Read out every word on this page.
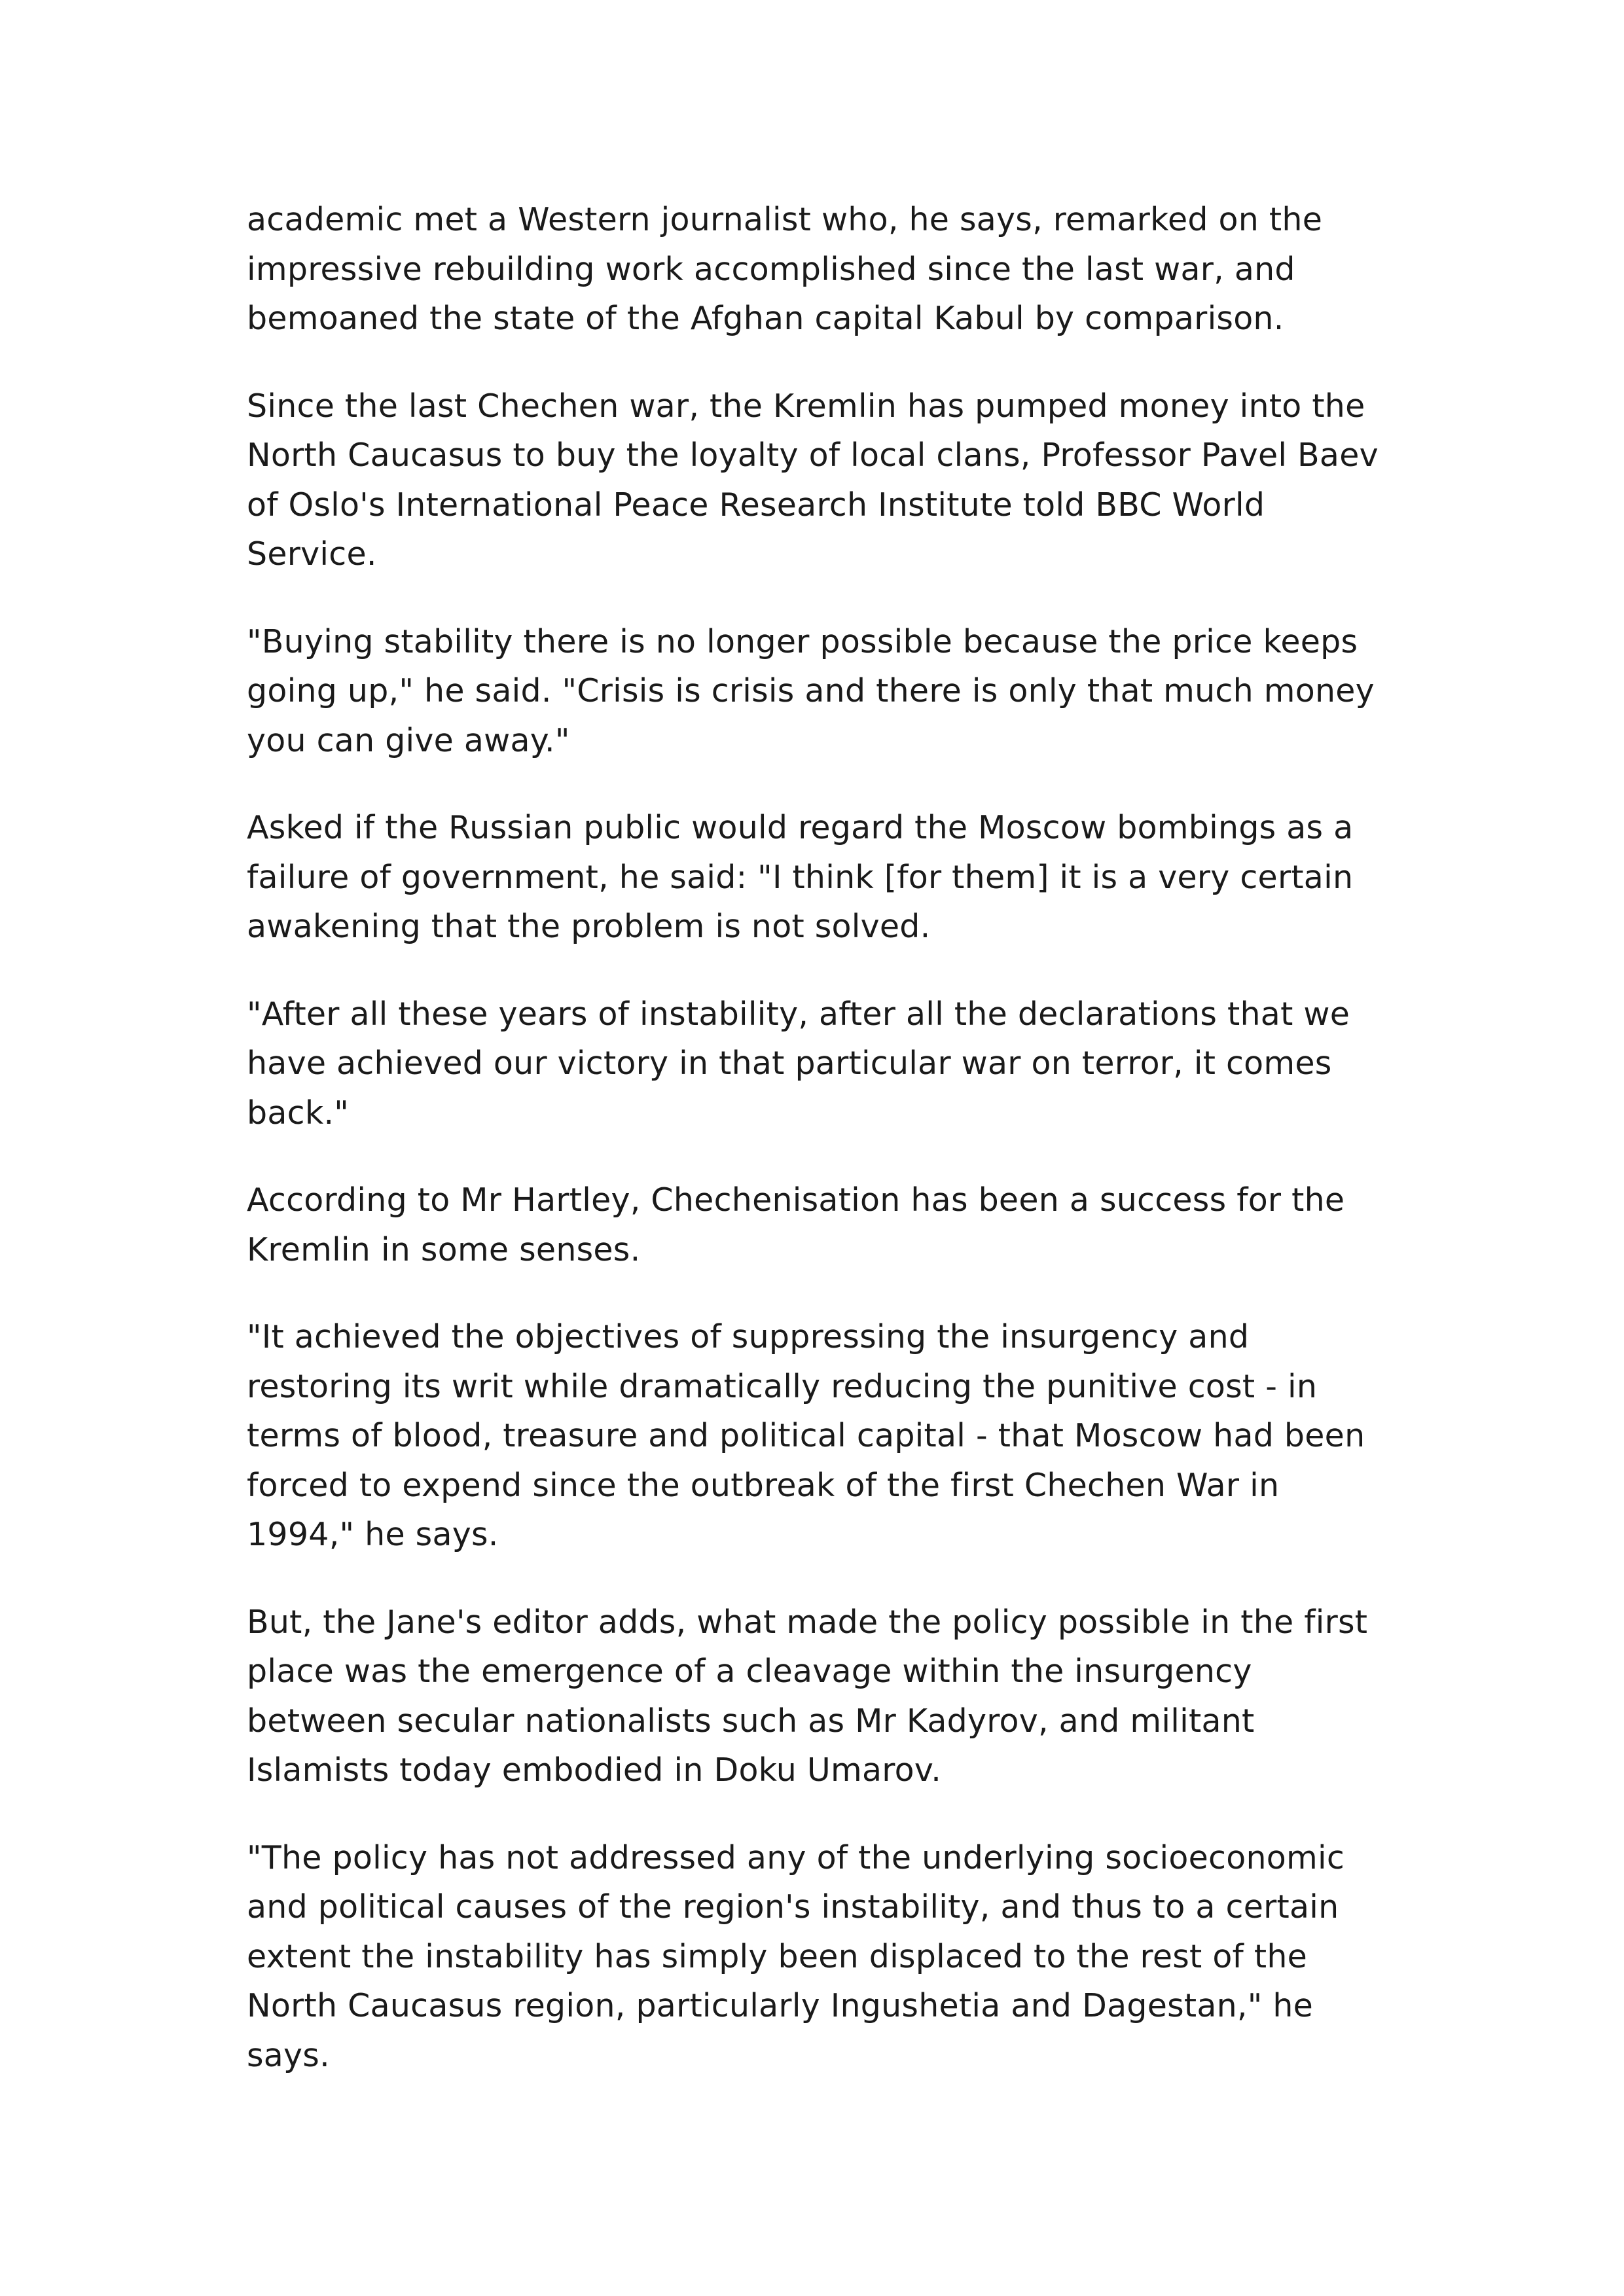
academic met a Western journalist who, he says, remarked on the impressive rebuilding work accomplished since the last war, and bemoaned the state of the Afghan capital Kabul by comparison.

Since the last Chechen war, the Kremlin has pumped money into the North Caucasus to buy the loyalty of local clans, Professor Pavel Baev of Oslo's International Peace Research Institute told BBC World Service.

"Buying stability there is no longer possible because the price keeps going up," he said. "Crisis is crisis and there is only that much money you can give away."

Asked if the Russian public would regard the Moscow bombings as a failure of government, he said: "I think [for them] it is a very certain awakening that the problem is not solved.

"After all these years of instability, after all the declarations that we have achieved our victory in that particular war on terror, it comes back."

According to Mr Hartley, Chechenisation has been a success for the Kremlin in some senses.

"It achieved the objectives of suppressing the insurgency and restoring its writ while dramatically reducing the punitive cost - in terms of blood, treasure and political capital - that Moscow had been forced to expend since the outbreak of the first Chechen War in 1994," he says.

But, the Jane's editor adds, what made the policy possible in the first place was the emergence of a cleavage within the insurgency between secular nationalists such as Mr Kadyrov, and militant Islamists today embodied in Doku Umarov.

"The policy has not addressed any of the underlying socioeconomic and political causes of the region's instability, and thus to a certain extent the instability has simply been displaced to the rest of the North Caucasus region, particularly Ingushetia and Dagestan," he says.
